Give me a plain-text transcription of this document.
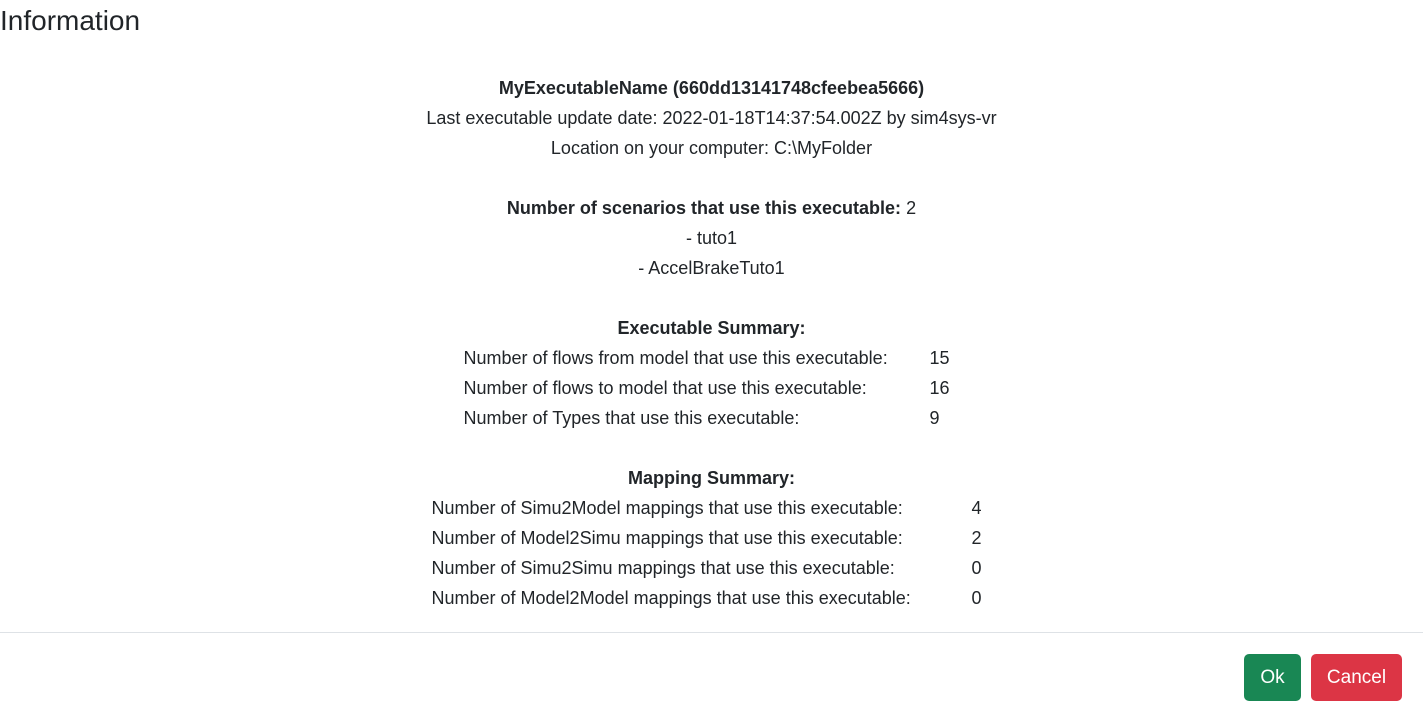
Information
MyExecutableName (660dd13141748cfeebea5666)
Last executable update date: 2022-01-18T14:37:54.002Z by sim4sys-vr
Location on your computer: C:\MyFolder
Number of scenarios that use this executable: 2
- tuto1
- AccelBrakeTuto1
Executable Summary:
Number of flows from model that use this executable:	15
Number of flows to model that use this executable:	16
Number of Types that use this executable:	9
Mapping Summary:
Number of Simu2Model mappings that use this executable:	4
Number of Model2Simu mappings that use this executable:	2
Number of Simu2Simu mappings that use this executable:	0
Number of Model2Model mappings that use this executable:	0
Ok	Cancel
